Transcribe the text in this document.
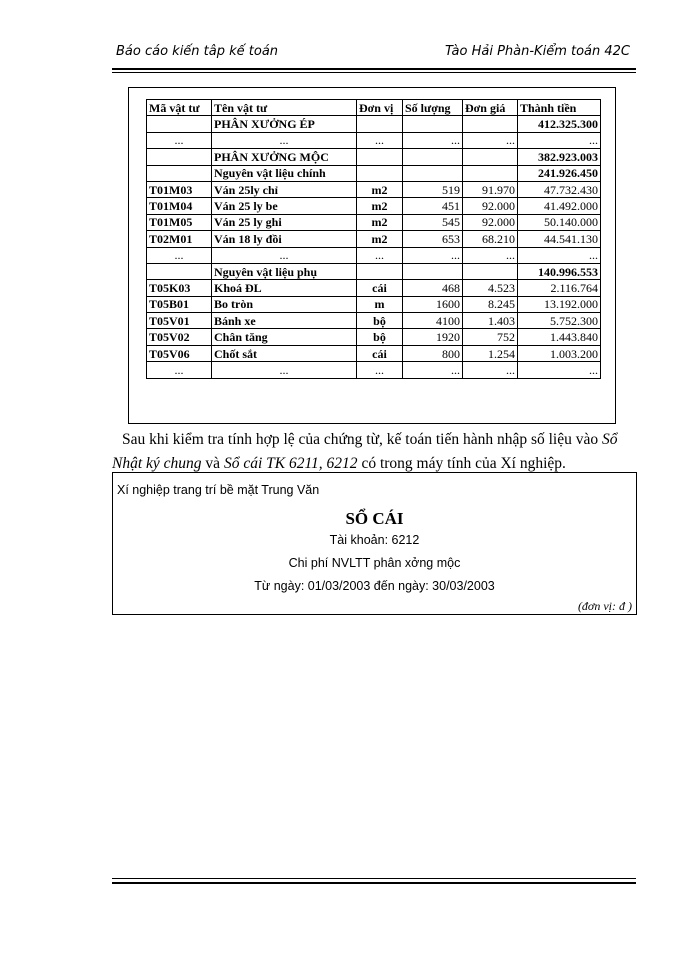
Báo cáo kiến tâp kế toán	Tào Hải Phàn-Kiểm toán 42C
Mã vật tư	Tên vật tư	Đơn vị	Số lượng	Đơn giá	Thành tiền
	PHÂN XƯỞNG ÉP				412.325.300
...	...	...	...	...	...
	PHÂN XƯỞNG MỘC				382.923.003
	Nguyên vật liệu chính				241.926.450
T01M03	Ván 25ly chỉ	m2	519	91.970	47.732.430
T01M04	Ván 25 ly be	m2	451	92.000	41.492.000
T01M05	Ván 25 ly ghi	m2	545	92.000	50.140.000
T02M01	Ván 18 ly đồi	m2	653	68.210	44.541.130
...	...	...	...	...	...
	Nguyên vật liệu phụ				140.996.553
T05K03	Khoá ĐL	cái	468	4.523	2.116.764
T05B01	Bo tròn	m	1600	8.245	13.192.000
T05V01	Bánh xe	bộ	4100	1.403	5.752.300
T05V02	Chân tăng	bộ	1920	752	1.443.840
T05V06	Chốt sắt	cái	800	1.254	1.003.200
...	...	...	...	...	...
Sau khi kiểm tra tính hợp lệ của chứng từ, kế toán tiến hành nhập số liệu vào Sổ Nhật ký chung và Sổ cái TK 6211, 6212 có trong máy tính của Xí nghiệp.
Xí nghiệp trang trí bề mặt Trung Văn
SỔ CÁI
Tài khoản: 6212
Chi phí NVLTT phân xởng mộc
Từ ngày: 01/03/2003 đến ngày: 30/03/2003
(đơn vị: đ )
